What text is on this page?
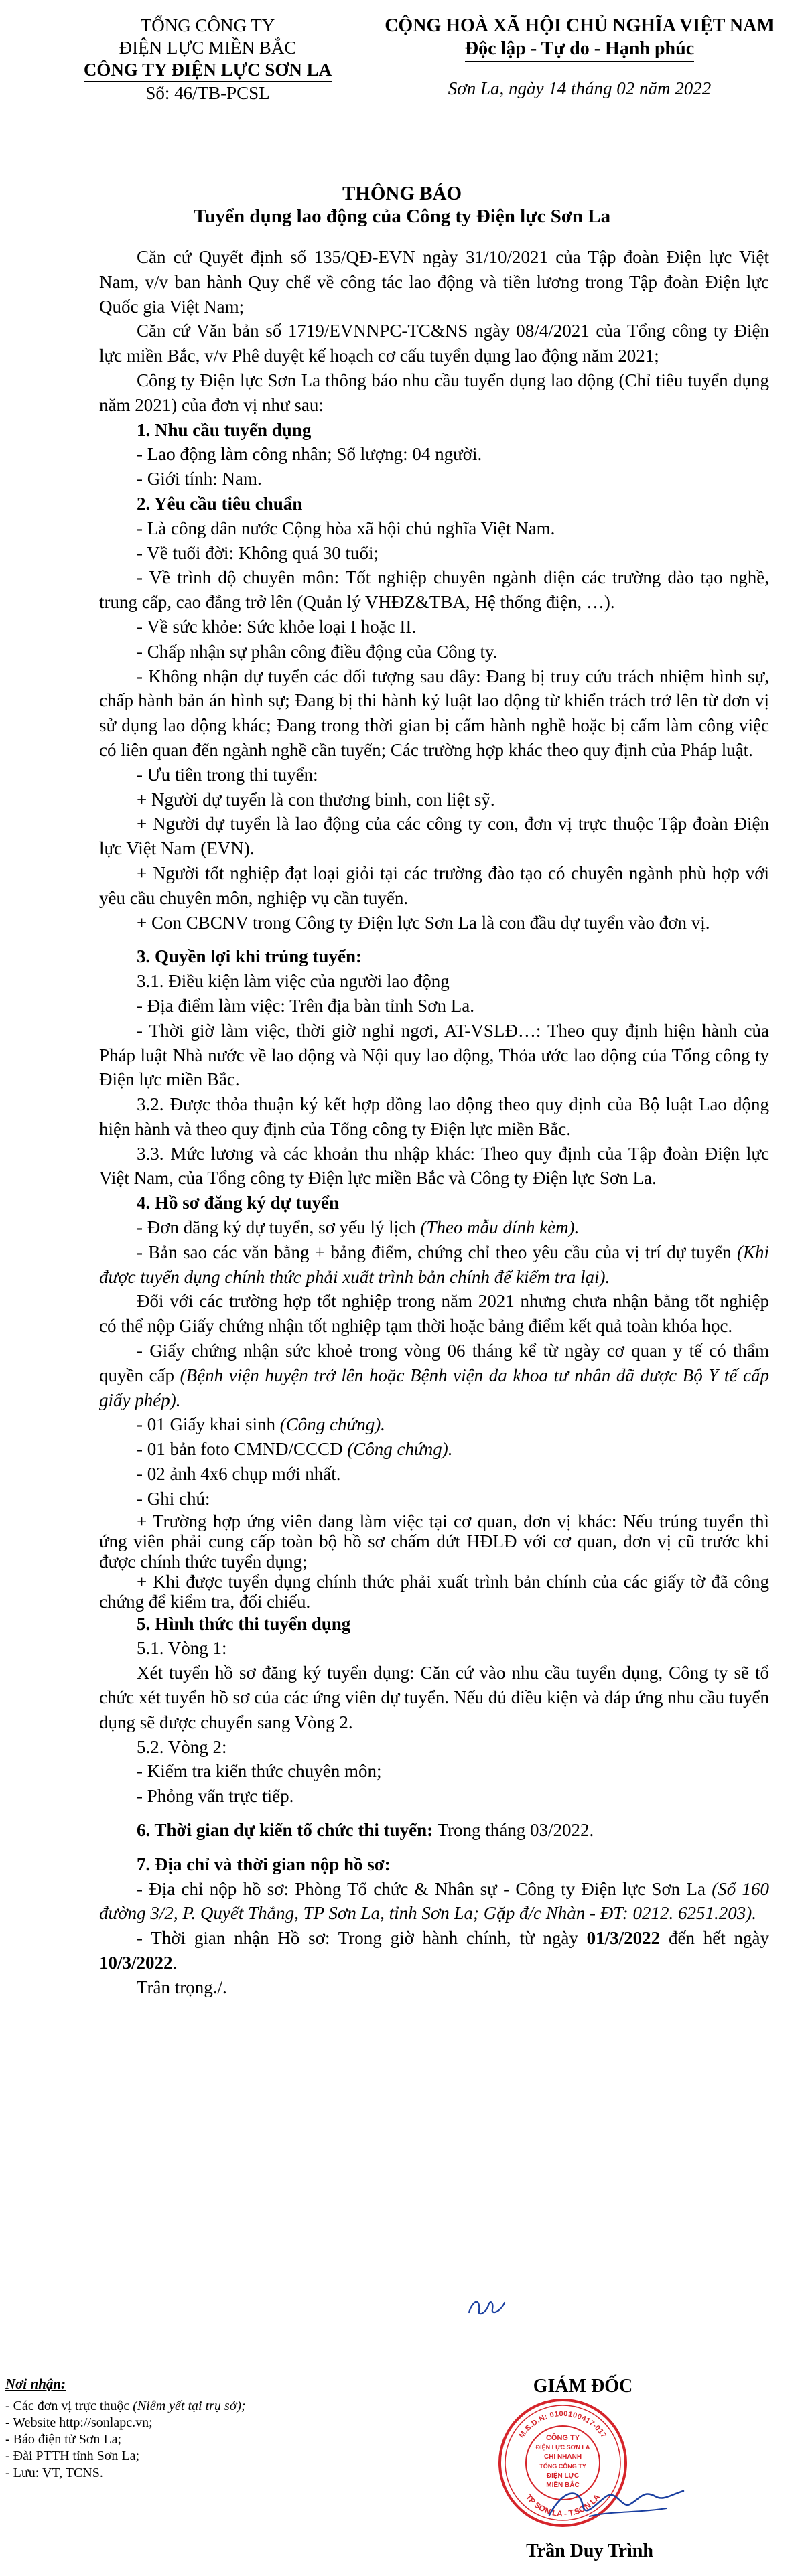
TỔNG CÔNG TY
ĐIỆN LỰC MIỀN BẮC
CÔNG TY ĐIỆN LỰC SƠN LA
Số: 46/TB-PCSL
CỘNG HOÀ XÃ HỘI CHỦ NGHĨA VIỆT NAM
Độc lập - Tự do - Hạnh phúc
Sơn La, ngày 14 tháng 02 năm 2022
THÔNG BÁO
Tuyển dụng lao động của Công ty Điện lực Sơn La

Căn cứ Quyết định số 135/QĐ-EVN ngày 31/10/2021 của Tập đoàn Điện lực Việt Nam, v/v ban hành Quy chế về công tác lao động và tiền lương trong Tập đoàn Điện lực Quốc gia Việt Nam;

Căn cứ Văn bản số 1719/EVNNPC-TC&NS ngày 08/4/2021 của Tổng công ty Điện lực miền Bắc, v/v Phê duyệt kế hoạch cơ cấu tuyển dụng lao động năm 2021;

Công ty Điện lực Sơn La thông báo nhu cầu tuyển dụng lao động (Chỉ tiêu tuyển dụng năm 2021) của đơn vị như sau:

1. Nhu cầu tuyển dụng

- Lao động làm công nhân; Số lượng: 04 người.

- Giới tính: Nam.

2. Yêu cầu tiêu chuẩn

- Là công dân nước Cộng hòa xã hội chủ nghĩa Việt Nam.

- Về tuổi đời: Không quá 30 tuổi;

- Về trình độ chuyên môn: Tốt nghiệp chuyên ngành điện các trường đào tạo nghề, trung cấp, cao đẳng trở lên (Quản lý VHĐZ&TBA, Hệ thống điện, …).

- Về sức khỏe: Sức khỏe loại I hoặc II.

- Chấp nhận sự phân công điều động của Công ty.

- Không nhận dự tuyển các đối tượng sau đây: Đang bị truy cứu trách nhiệm hình sự, chấp hành bản án hình sự; Đang bị thi hành kỷ luật lao động từ khiển trách trở lên từ đơn vị sử dụng lao động khác; Đang trong thời gian bị cấm hành nghề hoặc bị cấm làm công việc có liên quan đến ngành nghề cần tuyển; Các trường hợp khác theo quy định của Pháp luật.

- Ưu tiên trong thi tuyển:

+ Người dự tuyển là con thương binh, con liệt sỹ.

+ Người dự tuyển là lao động của các công ty con, đơn vị trực thuộc Tập đoàn Điện lực Việt Nam (EVN).

+ Người tốt nghiệp đạt loại giỏi tại các trường đào tạo có chuyên ngành phù hợp với yêu cầu chuyên môn, nghiệp vụ cần tuyển.

+ Con CBCNV trong Công ty Điện lực Sơn La là con đầu dự tuyển vào đơn vị.

3. Quyền lợi khi trúng tuyển:

3.1. Điều kiện làm việc của người lao động

- Địa điểm làm việc: Trên địa bàn tỉnh Sơn La.

- Thời giờ làm việc, thời giờ nghỉ ngơi, AT-VSLĐ…: Theo quy định hiện hành của Pháp luật Nhà nước về lao động và Nội quy lao động, Thỏa ước lao động của Tổng công ty Điện lực miền Bắc.

3.2. Được thỏa thuận ký kết hợp đồng lao động theo quy định của Bộ luật Lao động hiện hành và theo quy định của Tổng công ty Điện lực miền Bắc.

3.3. Mức lương và các khoản thu nhập khác: Theo quy định của Tập đoàn Điện lực Việt Nam, của Tổng công ty Điện lực miền Bắc và Công ty Điện lực Sơn La.

4. Hồ sơ đăng ký dự tuyển

- Đơn đăng ký dự tuyển, sơ yếu lý lịch (Theo mẫu đính kèm).

- Bản sao các văn bằng + bảng điểm, chứng chỉ theo yêu cầu của vị trí dự tuyển (Khi được tuyển dụng chính thức phải xuất trình bản chính để kiểm tra lại).

Đối với các trường hợp tốt nghiệp trong năm 2021 nhưng chưa nhận bằng tốt nghiệp có thể nộp Giấy chứng nhận tốt nghiệp tạm thời hoặc bảng điểm kết quả toàn khóa học.

- Giấy chứng nhận sức khoẻ trong vòng 06 tháng kể từ ngày cơ quan y tế có thẩm quyền cấp (Bệnh viện huyện trở lên hoặc Bệnh viện đa khoa tư nhân đã được Bộ Y tế cấp giấy phép).

- 01 Giấy khai sinh (Công chứng).

- 01 bản foto CMND/CCCD (Công chứng).

- 02 ảnh 4x6 chụp mới nhất.

- Ghi chú:

+ Trường hợp ứng viên đang làm việc tại cơ quan, đơn vị khác: Nếu trúng tuyển thì ứng viên phải cung cấp toàn bộ hồ sơ chấm dứt HĐLĐ với cơ quan, đơn vị cũ trước khi được chính thức tuyển dụng;

+ Khi được tuyển dụng chính thức phải xuất trình bản chính của các giấy tờ đã công chứng để kiểm tra, đối chiếu.

5. Hình thức thi tuyển dụng

5.1. Vòng 1:

Xét tuyển hồ sơ đăng ký tuyển dụng: Căn cứ vào nhu cầu tuyển dụng, Công ty sẽ tổ chức xét tuyển hồ sơ của các ứng viên dự tuyển. Nếu đủ điều kiện và đáp ứng nhu cầu tuyển dụng sẽ được chuyển sang Vòng 2.

5.2. Vòng 2:

- Kiểm tra kiến thức chuyên môn;

- Phỏng vấn trực tiếp.

6. Thời gian dự kiến tổ chức thi tuyển: Trong tháng 03/2022.

7. Địa chỉ và thời gian nộp hồ sơ:

- Địa chỉ nộp hồ sơ: Phòng Tổ chức & Nhân sự - Công ty Điện lực Sơn La (Số 160 đường 3/2, P. Quyết Thắng, TP Sơn La, tỉnh Sơn La; Gặp đ/c Nhàn - ĐT: 0212. 6251.203).

- Thời gian nhận Hồ sơ: Trong giờ hành chính, từ ngày 01/3/2022 đến hết ngày 10/3/2022.

Trân trọng./.

Nơi nhận:
- Các đơn vị trực thuộc (Niêm yết tại trụ sở);
- Website http://sonlapc.vn;
- Báo điện tử Sơn La;
- Đài PTTH tỉnh Sơn La;
- Lưu: VT, TCNS.
GIÁM ĐỐC
M.S.D.N: 0100100417-017
TP SƠN LA - T.SƠN LA
CÔNG TY
ĐIỆN LỰC SƠN LA
CHI NHÁNH
TỔNG CÔNG TY
ĐIỆN LỰC
MIỀN BẮC
Trần Duy Trình
